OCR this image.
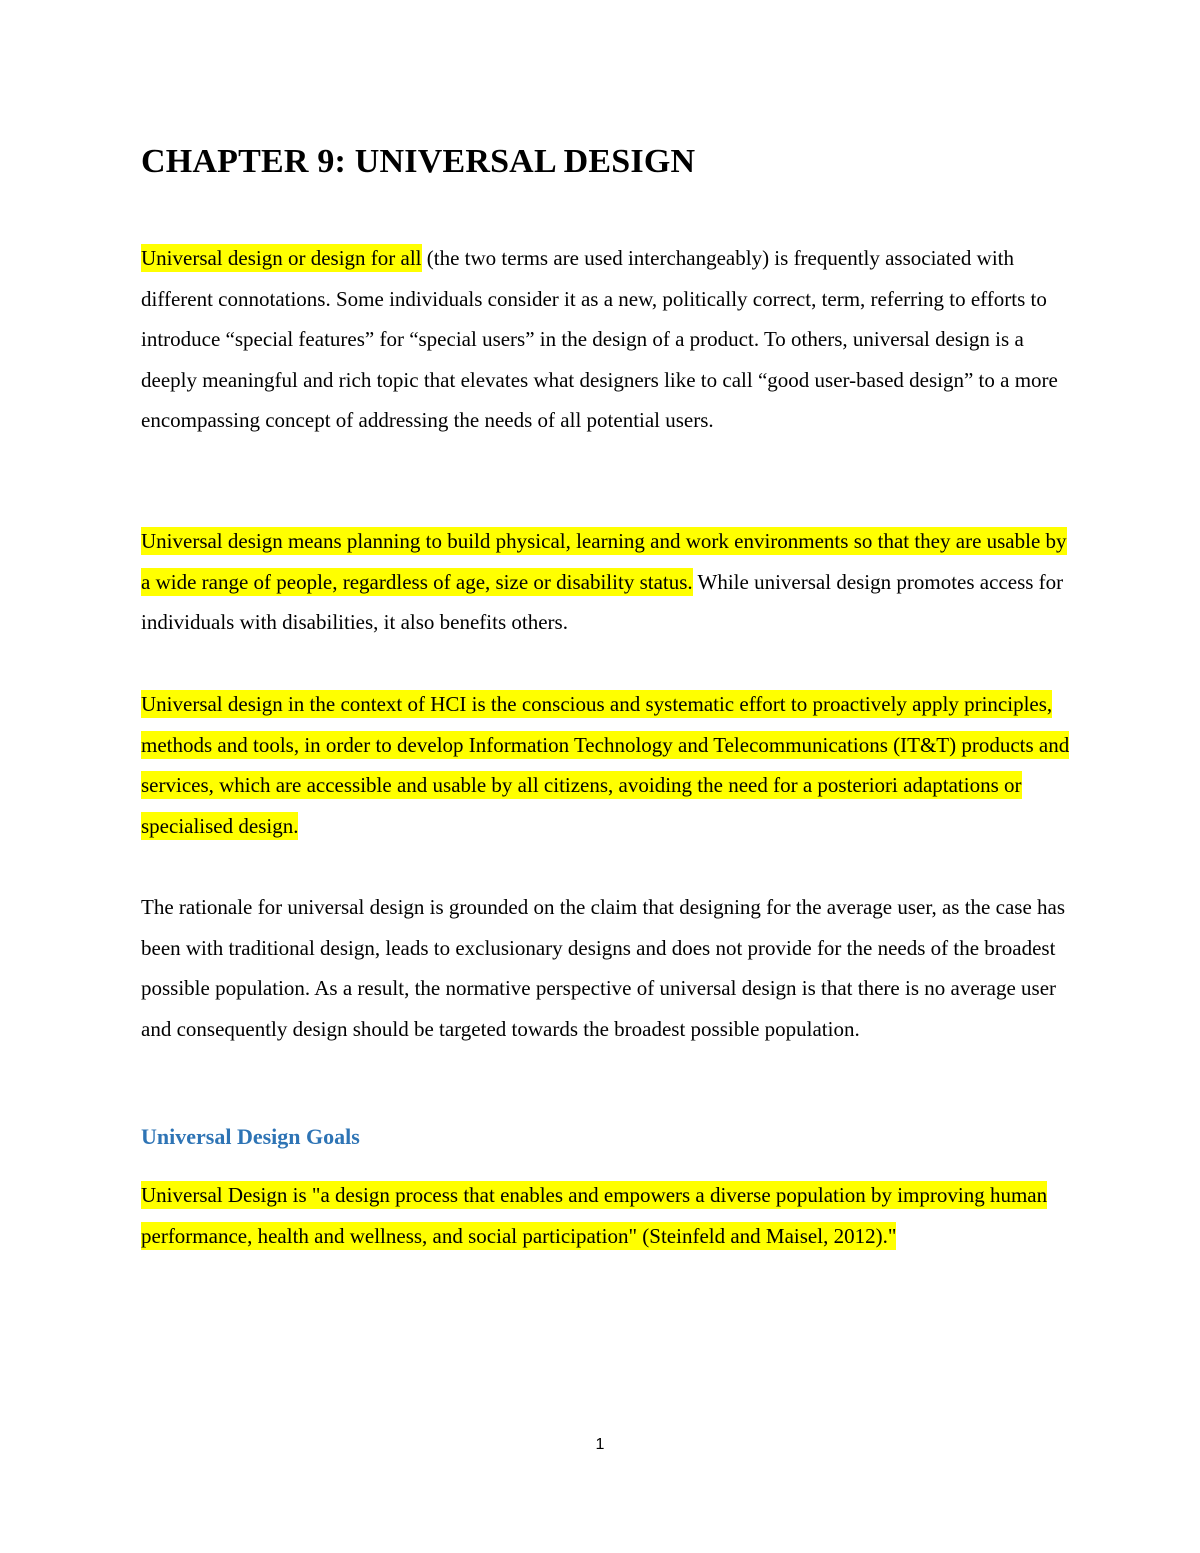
CHAPTER 9: UNIVERSAL DESIGN

Universal design or design for all (the two terms are used interchangeably) is frequently associated with different connotations. Some individuals consider it as a new, politically correct, term, referring to efforts to introduce “special features” for “special users” in the design of a product. To others, universal design is a deeply meaningful and rich topic that elevates what designers like to call “good user-based design” to a more encompassing concept of addressing the needs of all potential users.

Universal design means planning to build physical, learning and work environments so that they are usable by a wide range of people, regardless of age, size or disability status. While universal design promotes access for individuals with disabilities, it also benefits others.

Universal design in the context of HCI is the conscious and systematic effort to proactively apply principles, methods and tools, in order to develop Information Technology and Telecommunications (IT&T) products and services, which are accessible and usable by all citizens, avoiding the need for a posteriori adaptations or specialised design.

The rationale for universal design is grounded on the claim that designing for the average user, as the case has been with traditional design, leads to exclusionary designs and does not provide for the needs of the broadest possible population. As a result, the normative perspective of universal design is that there is no average user and consequently design should be targeted towards the broadest possible population.

Universal Design Goals

Universal Design is "a design process that enables and empowers a diverse population by improving human performance, health and wellness, and social participation" (Steinfeld and Maisel, 2012)."

1
